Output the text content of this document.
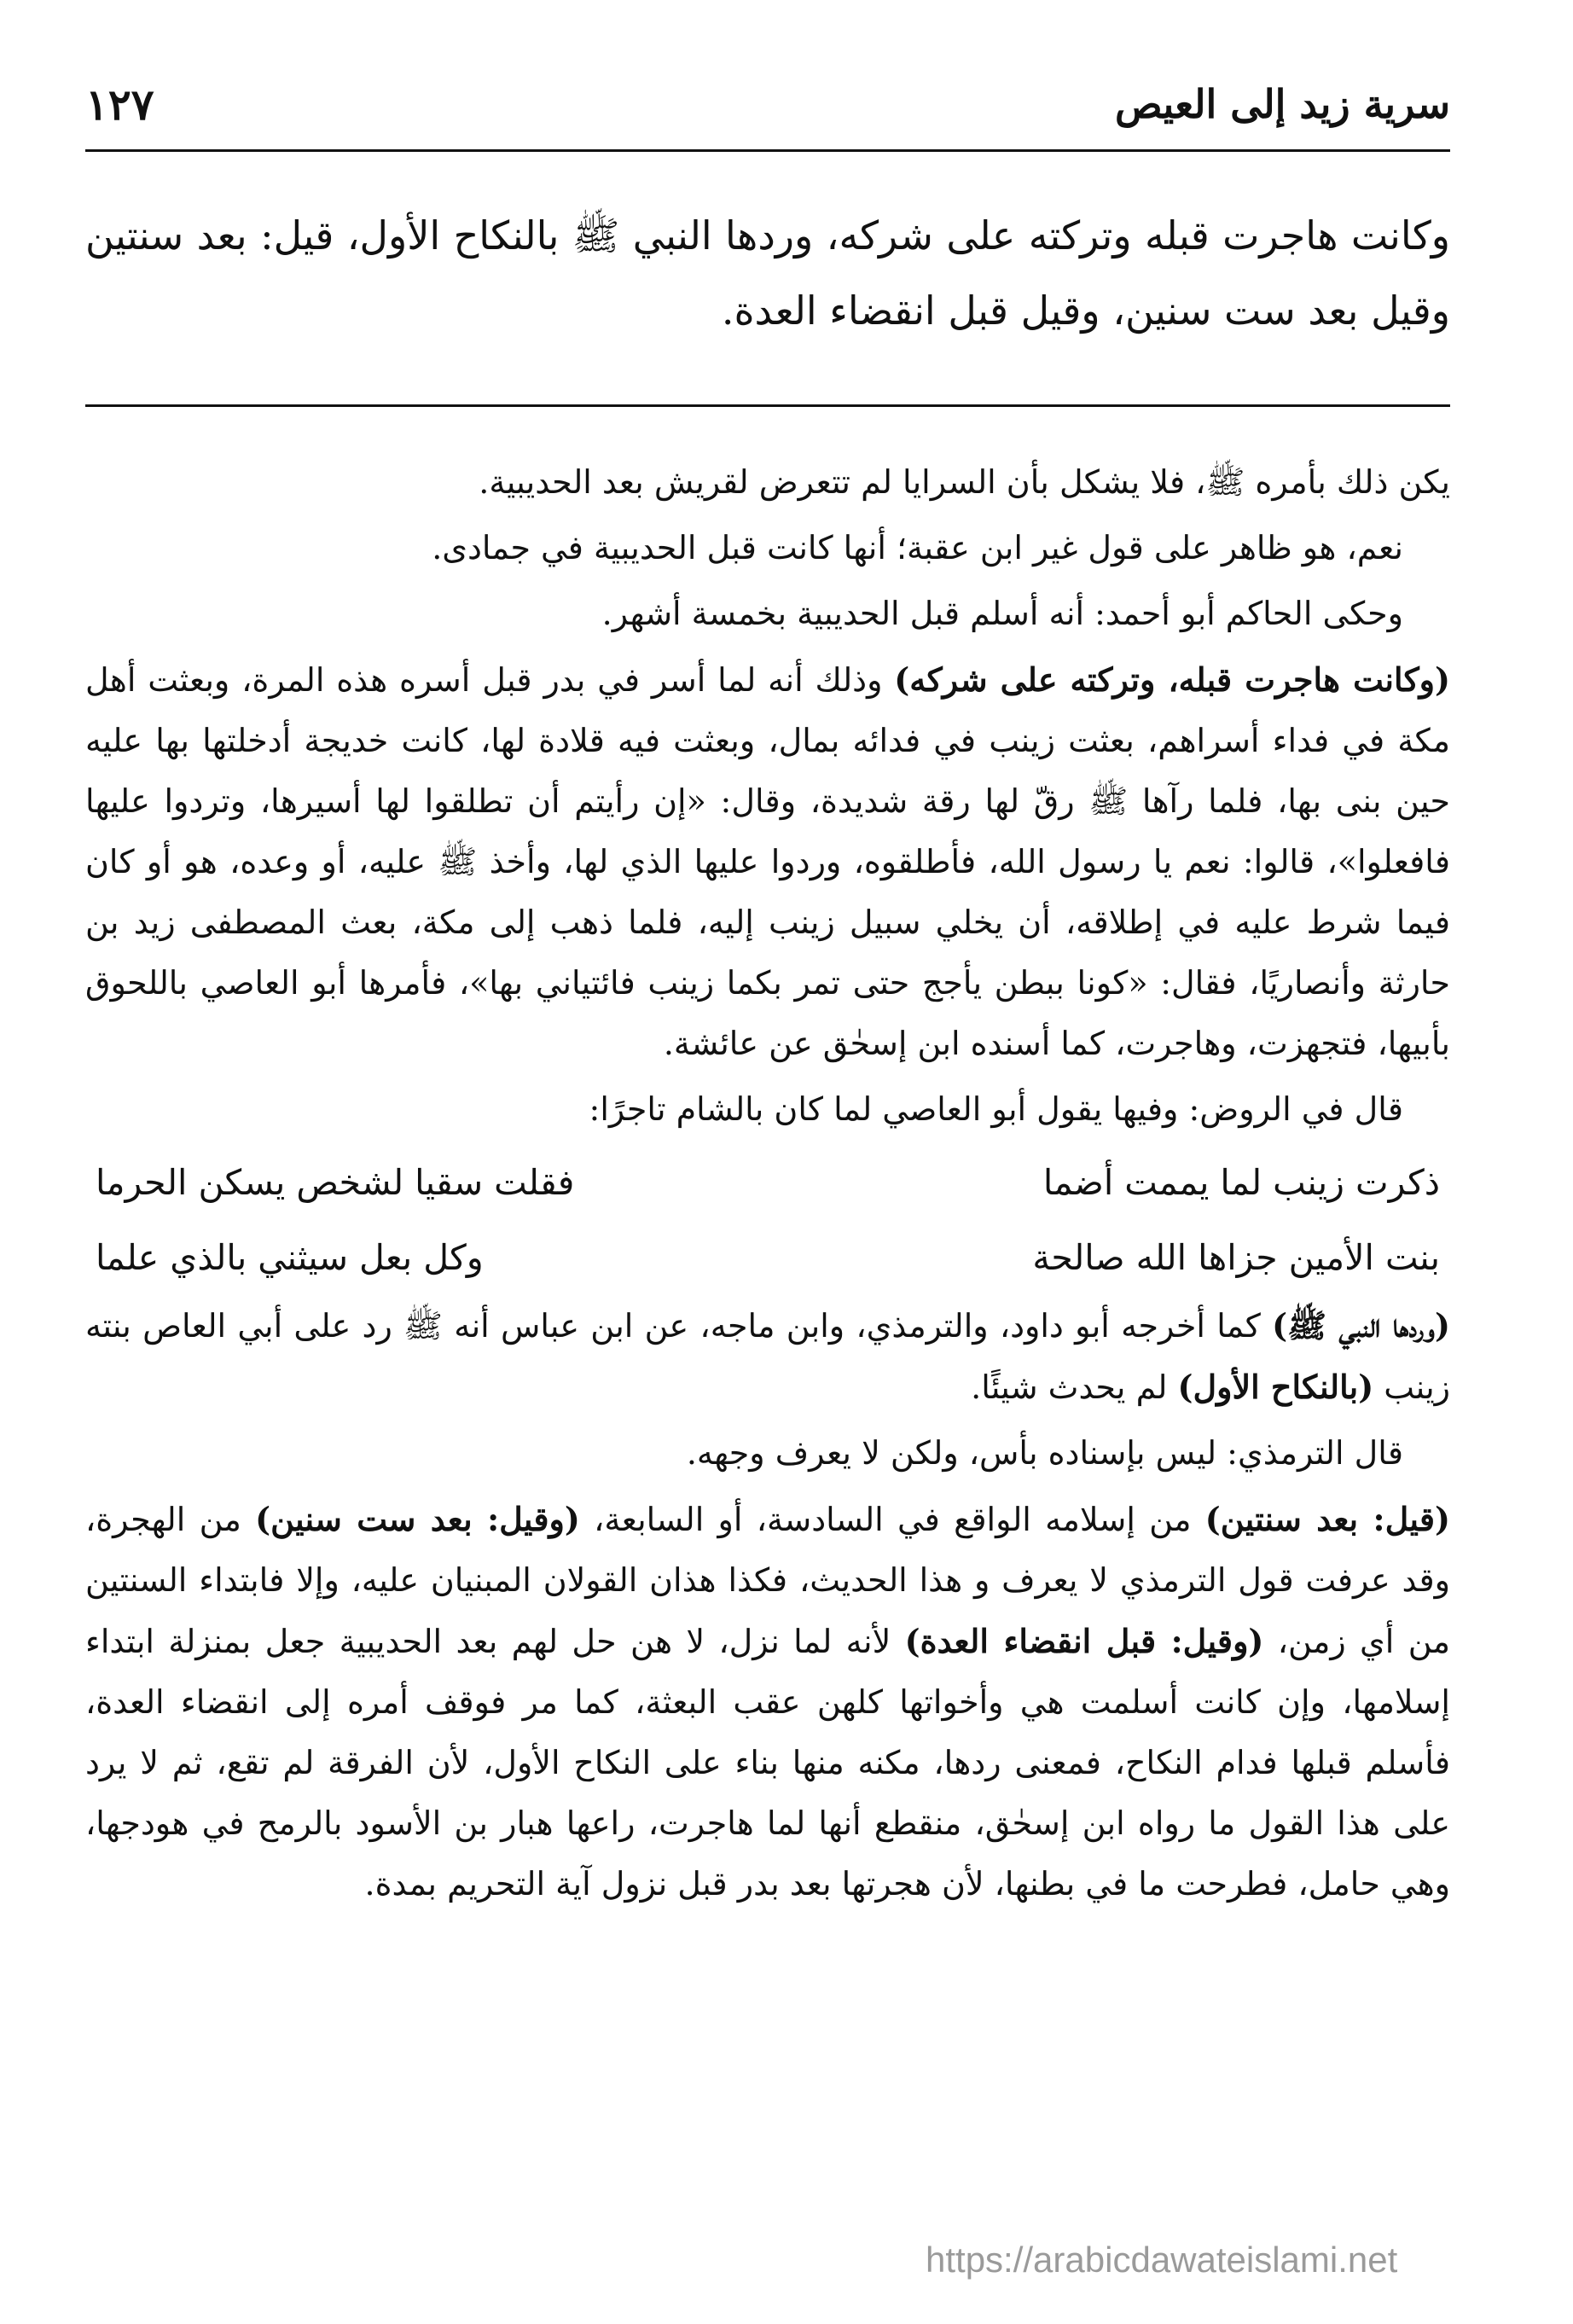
سرية زيد إلى العيص
١٢٧

وكانت هاجرت قبله وتركته على شركه، وردها النبي ﷺ بالنكاح الأول، قيل: بعد سنتين وقيل بعد ست سنين، وقيل قبل انقضاء العدة.

يكن ذلك بأمره ﷺ، فلا يشكل بأن السرايا لم تتعرض لقريش بعد الحديبية.

نعم، هو ظاهر على قول غير ابن عقبة؛ أنها كانت قبل الحديبية في جمادى.

وحكى الحاكم أبو أحمد: أنه أسلم قبل الحديبية بخمسة أشهر.

(وكانت هاجرت قبله، وتركته على شركه) وذلك أنه لما أسر في بدر قبل أسره هذه المرة، وبعثت أهل مكة في فداء أسراهم، بعثت زينب في فدائه بمال، وبعثت فيه قلادة لها، كانت خديجة أدخلتها بها عليه حين بنى بها، فلما رآها ﷺ رقّ لها رقة شديدة، وقال: «إن رأيتم أن تطلقوا لها أسيرها، وتردوا عليها فافعلوا»، قالوا: نعم يا رسول الله، فأطلقوه، وردوا عليها الذي لها، وأخذ ﷺ عليه، أو وعده، هو أو كان فيما شرط عليه في إطلاقه، أن يخلي سبيل زينب إليه، فلما ذهب إلى مكة، بعث المصطفى زيد بن حارثة وأنصاريًا، فقال: «كونا ببطن يأجج حتى تمر بكما زينب فائتياني بها»، فأمرها أبو العاصي باللحوق بأبيها، فتجهزت، وهاجرت، كما أسنده ابن إسحٰق عن عائشة.

قال في الروض: وفيها يقول أبو العاصي لما كان بالشام تاجرًا:

ذكرت زينب لما يممت أضما
فقلت سقيا لشخص يسكن الحرما
بنت الأمين جزاها الله صالحة
وكل بعل سيثني بالذي علما

(وردها النبي ﷺ) كما أخرجه أبو داود، والترمذي، وابن ماجه، عن ابن عباس أنه ﷺ رد على أبي العاص بنته زينب (بالنكاح الأول) لم يحدث شيئًا.

قال الترمذي: ليس بإسناده بأس، ولكن لا يعرف وجهه.

(قيل: بعد سنتين) من إسلامه الواقع في السادسة، أو السابعة، (وقيل: بعد ست سنين) من الهجرة، وقد عرفت قول الترمذي لا يعرف و هذا الحديث، فكذا هذان القولان المبنيان عليه، وإلا فابتداء السنتين من أي زمن، (وقيل: قبل انقضاء العدة) لأنه لما نزل، لا هن حل لهم بعد الحديبية جعل بمنزلة ابتداء إسلامها، وإن كانت أسلمت هي وأخواتها كلهن عقب البعثة، كما مر فوقف أمره إلى انقضاء العدة، فأسلم قبلها فدام النكاح، فمعنى ردها، مكنه منها بناء على النكاح الأول، لأن الفرقة لم تقع، ثم لا يرد على هذا القول ما رواه ابن إسحٰق، منقطع أنها لما هاجرت، راعها هبار بن الأسود بالرمح في هودجها، وهي حامل، فطرحت ما في بطنها، لأن هجرتها بعد بدر قبل نزول آية التحريم بمدة.

https://arabicdawateislami.net
